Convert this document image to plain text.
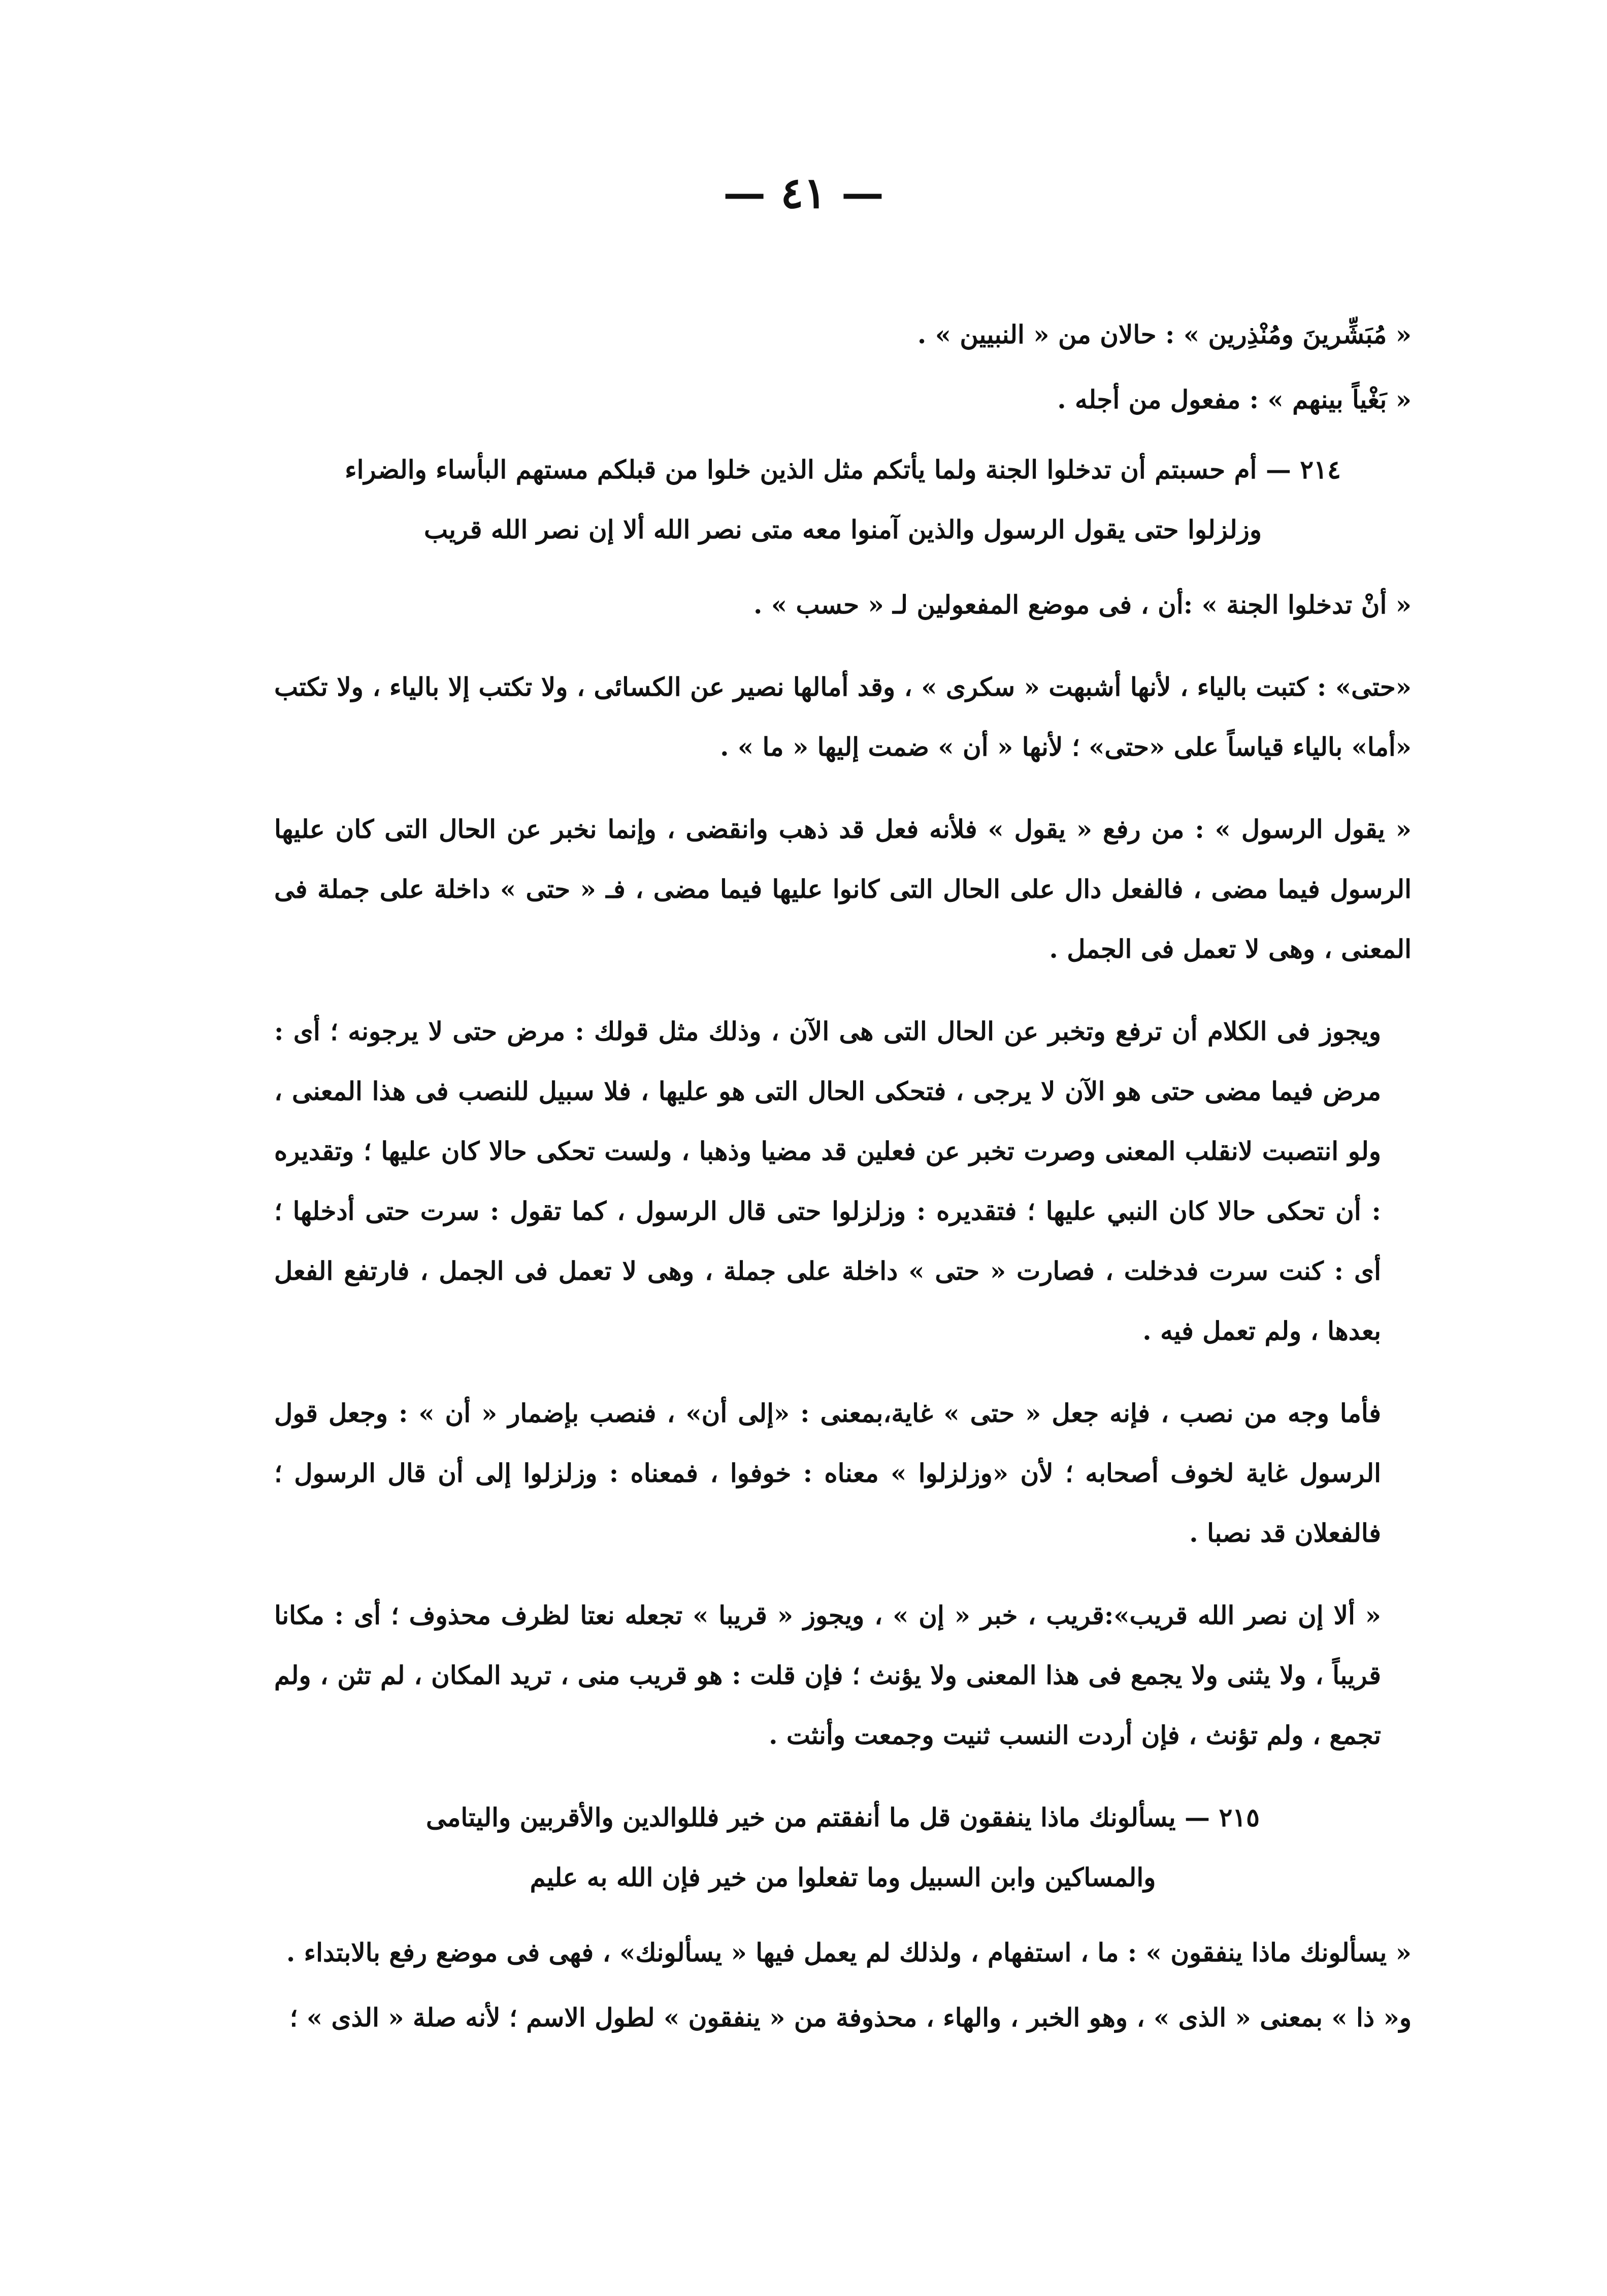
— ٤١ —

« مُبَشِّرينَ ومُنْذِرين » : حالان من « النبيين » .

« بَغْياً بينهم » : مفعول من أجله .

٢١٤ — أم حسبتم أن تدخلوا الجنة ولما يأتكم مثل الذين خلوا من قبلكم مستهم البأساء والضراء
وزلزلوا حتى يقول الرسول والذين آمنوا معه متى نصر الله ألا إن نصر الله قريب

« أنْ تدخلوا الجنة » :أن ، فى موضع المفعولين لـ « حسب » .

«حتى» : كتبت بالياء ، لأنها أشبهت « سكرى » ، وقد أمالها نصير عن الكسائى ، ولا تكتب إلا بالياء ، ولا تكتب «أما» بالياء قياساً على «حتى» ؛ لأنها « أن » ضمت إليها « ما » .

« يقول الرسول » : من رفع « يقول » فلأنه فعل قد ذهب وانقضى ، وإنما نخبر عن الحال التى كان عليها الرسول فيما مضى ، فالفعل دال على الحال التى كانوا عليها فيما مضى ، فـ « حتى » داخلة على جملة فى المعنى ، وهى لا تعمل فى الجمل .

ويجوز فى الكلام أن ترفع وتخبر عن الحال التى هى الآن ، وذلك مثل قولك : مرض حتى لا يرجونه ؛ أى : مرض فيما مضى حتى هو الآن لا يرجى ، فتحكى الحال التى هو عليها ، فلا سبيل للنصب فى هذا المعنى ، ولو انتصبت لانقلب المعنى وصرت تخبر عن فعلين قد مضيا وذهبا ، ولست تحكى حالا كان عليها ؛ وتقديره : أن تحكى حالا كان النبي عليها ؛ فتقديره : وزلزلوا حتى قال الرسول ، كما تقول : سرت حتى أدخلها ؛ أى : كنت سرت فدخلت ، فصارت « حتى » داخلة على جملة ، وهى لا تعمل فى الجمل ، فارتفع الفعل بعدها ، ولم تعمل فيه .

فأما وجه من نصب ، فإنه جعل « حتى » غاية،بمعنى : «إلى أن» ، فنصب بإضمار « أن » : وجعل قول الرسول غاية لخوف أصحابه ؛ لأن «وزلزلوا » معناه : خوفوا ، فمعناه : وزلزلوا إلى أن قال الرسول ؛ فالفعلان قد نصبا .

« ألا إن نصر الله قريب»:قريب ، خبر « إن » ، ويجوز « قريبا » تجعله نعتا لظرف محذوف ؛ أى : مكانا قريباً ، ولا يثنى ولا يجمع فى هذا المعنى ولا يؤنث ؛ فإن قلت : هو قريب منى ، تريد المكان ، لم تثن ، ولم تجمع ، ولم تؤنث ، فإن أردت النسب ثنيت وجمعت وأنثت .

٢١٥ — يسألونك ماذا ينفقون قل ما أنفقتم من خير فللوالدين والأقربين واليتامى
والمساكين وابن السبيل وما تفعلوا من خير فإن الله به عليم

« يسألونك ماذا ينفقون » : ما ، استفهام ، ولذلك لم يعمل فيها « يسألونك» ، فهى فى موضع رفع بالابتداء .

و« ذا » بمعنى « الذى » ، وهو الخبر ، والهاء ، محذوفة من « ينفقون » لطول الاسم ؛ لأنه صلة « الذى » ؛
